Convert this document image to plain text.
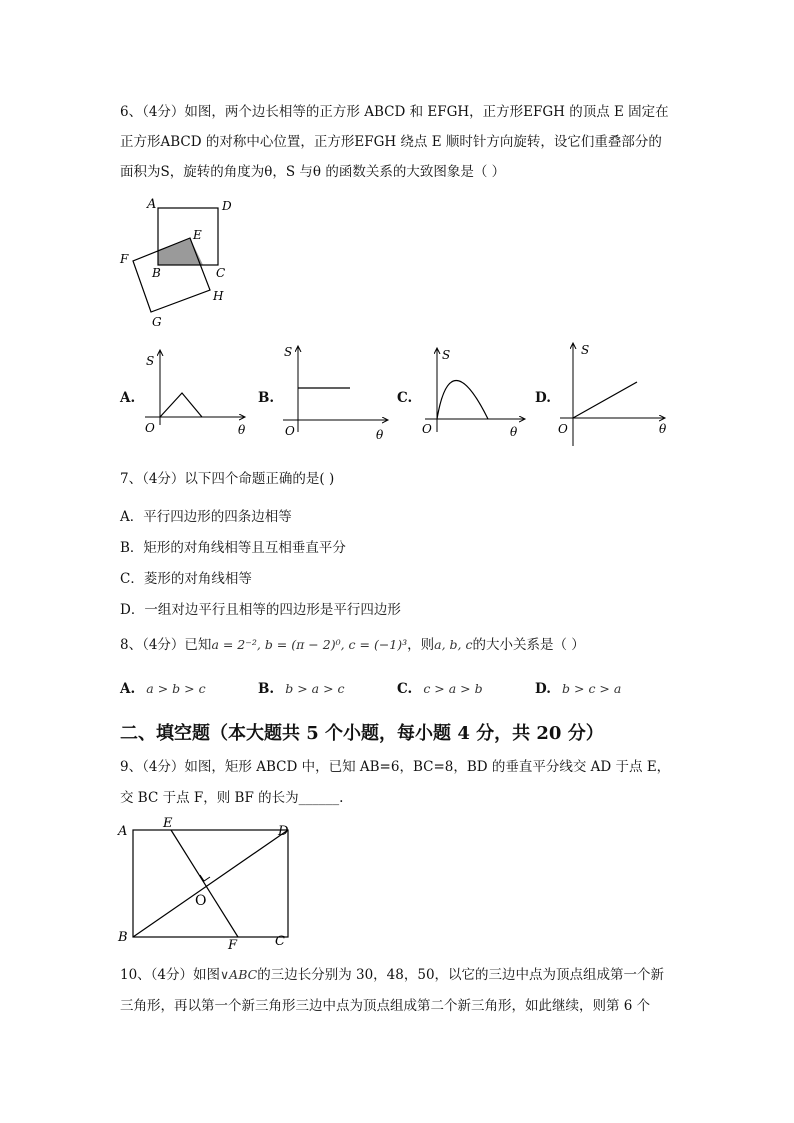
6、（4分）如图，两个边长相等的正方形 ABCD 和 EFGH，正方形EFGH 的顶点 E 固定在
正方形ABCD 的对称中心位置，正方形EFGH 绕点 E 顺时针方向旋转，设它们重叠部分的
面积为S，旋转的角度为θ，S 与θ 的函数关系的大致图象是（ ）
A	D
E
F
B	C
H
G
A.
S
O	θ
B.
S
O	θ
C.
S
O	θ
D.
S
O	θ
7、（4分）以下四个命题正确的是( )
A．平行四边形的四条边相等
B．矩形的对角线相等且互相垂直平分
C．菱形的对角线相等
D．一组对边平行且相等的四边形是平行四边形
8、（4分）已知a = 2⁻², b = (π − 2)⁰, c = (−1)³，则a, b, c的大小关系是（ ）
A. a > b > c	B. b > a > c	C. c > a > b	D. b > c > a
二、填空题（本大题共 5 个小题，每小题 4 分，共 20 分）
9、（4分）如图，矩形 ABCD 中，已知 AB=6，BC=8，BD 的垂直平分线交 AD 于点 E，
交 BC 于点 F，则 BF 的长为______.
A
E
D
O
B
F	C
10、（4分）如图∨ABC的三边长分别为 30，48，50，以它的三边中点为顶点组成第一个新
三角形，再以第一个新三角形三边中点为顶点组成第二个新三角形，如此继续，则第 6 个
